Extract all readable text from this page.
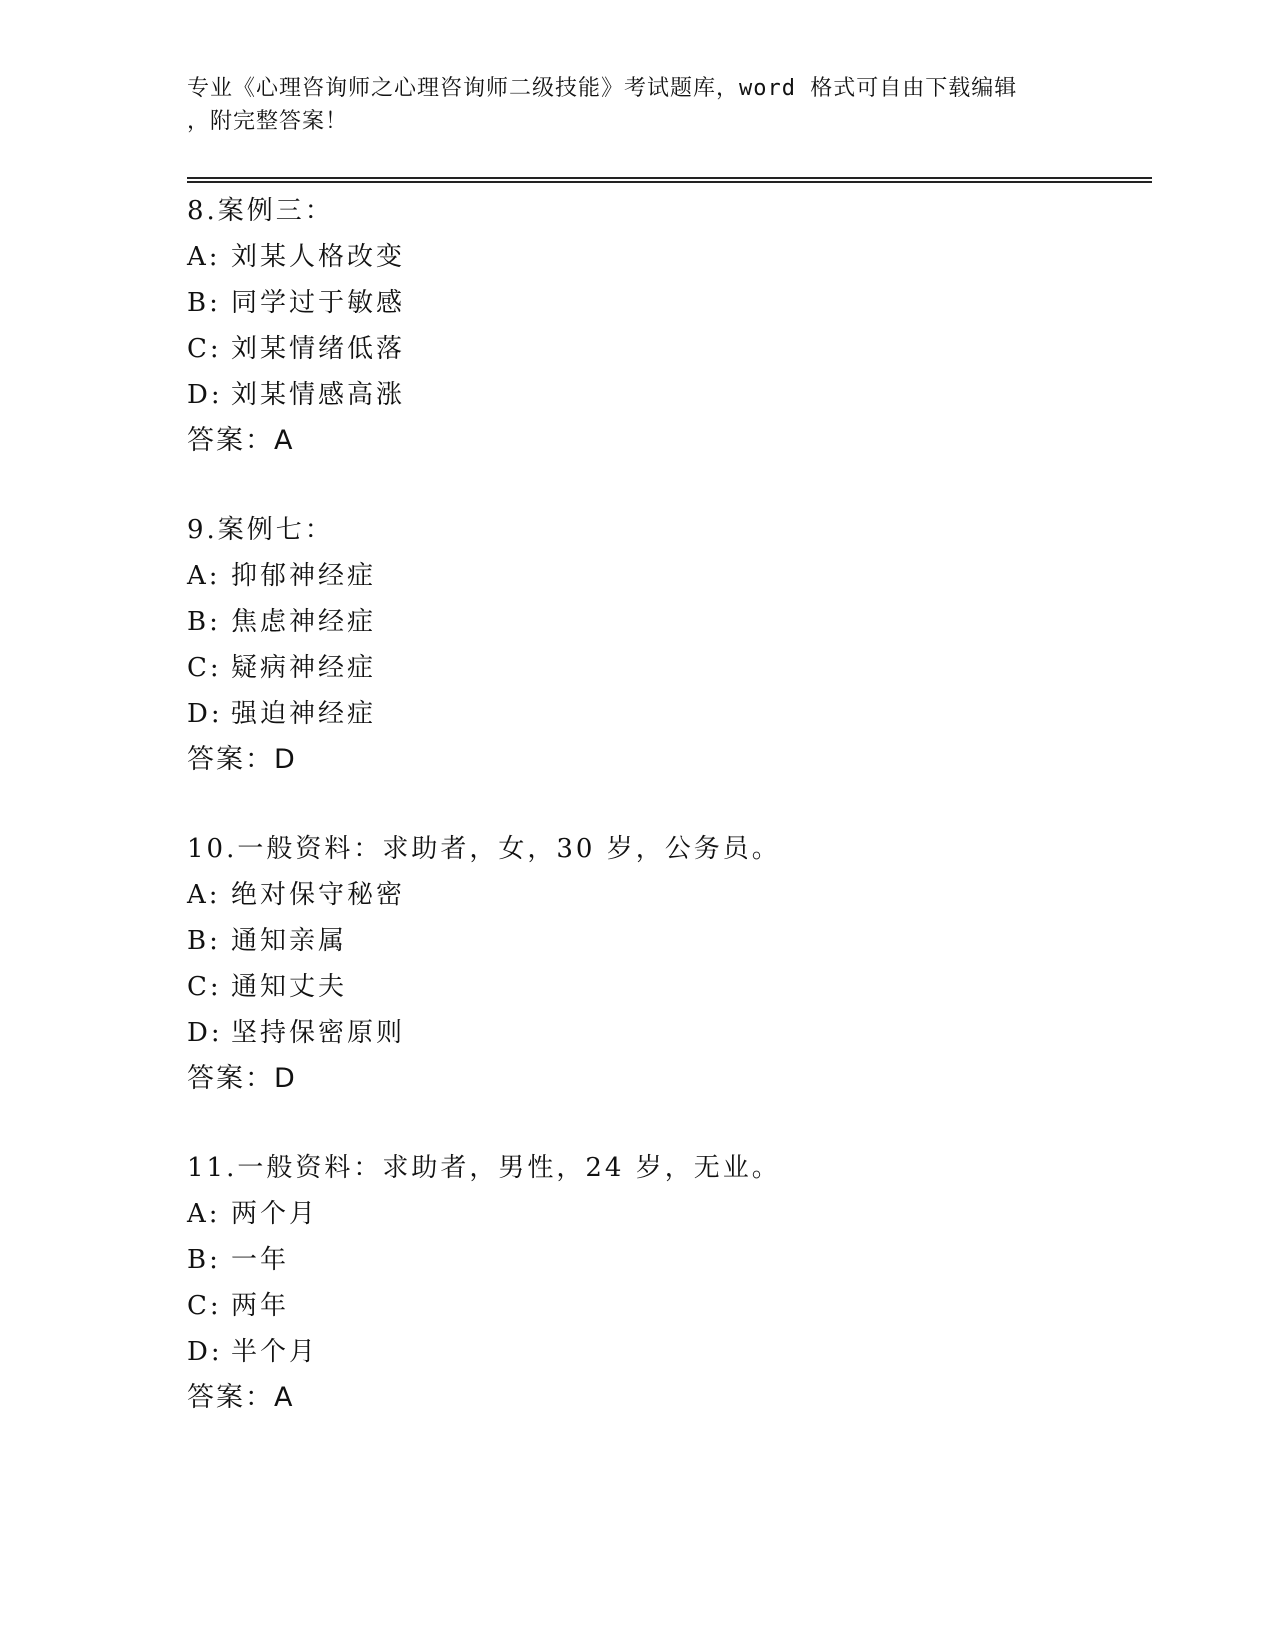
专业《心理咨询师之心理咨询师二级技能》考试题库，word 格式可自由下载编辑
，附完整答案！
8.案例三：
A: 刘某人格改变
B: 同学过于敏感
C: 刘某情绪低落
D: 刘某情感高涨
答案：A
9.案例七：
A: 抑郁神经症
B: 焦虑神经症
C: 疑病神经症
D: 强迫神经症
答案：D
10.一般资料：求助者，女，30 岁，公务员。
A: 绝对保守秘密
B: 通知亲属
C: 通知丈夫
D: 坚持保密原则
答案：D
11.一般资料：求助者，男性，24 岁，无业。
A: 两个月
B: 一年
C: 两年
D: 半个月
答案：A
